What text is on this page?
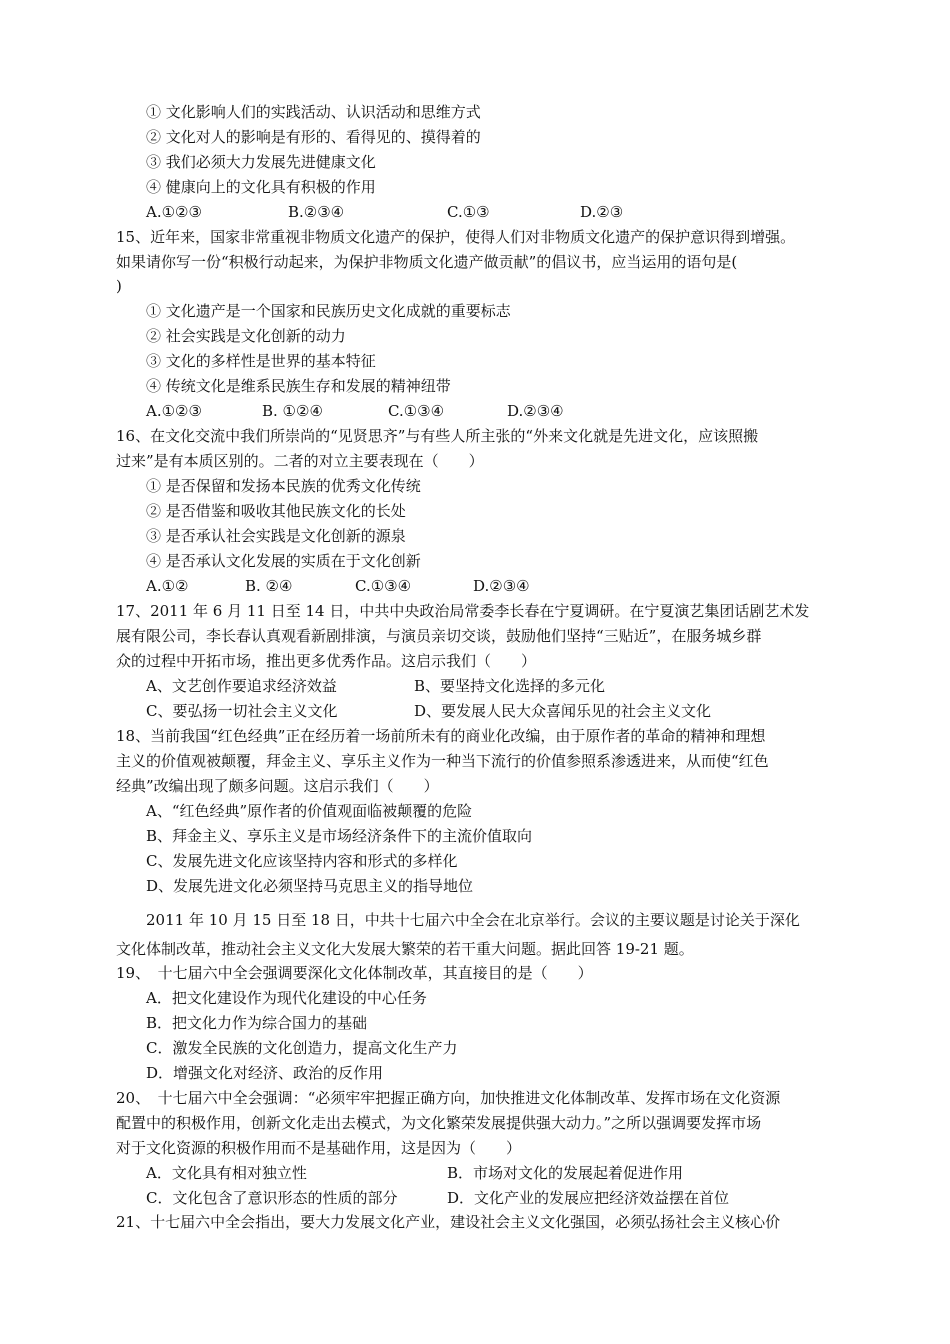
① 文化影响人们的实践活动、认识活动和思维方式
② 文化对人的影响是有形的、看得见的、摸得着的
③ 我们必须大力发展先进健康文化
④ 健康向上的文化具有积极的作用
A.①②③	B.②③④	C.①③	D.②③
15、近年来，国家非常重视非物质文化遗产的保护，使得人们对非物质文化遗产的保护意识得到增强。
如果请你写一份“积极行动起来，为保护非物质文化遗产做贡献”的倡议书，应当运用的语句是(
)
① 文化遗产是一个国家和民族历史文化成就的重要标志
② 社会实践是文化创新的动力
③ 文化的多样性是世界的基本特征
④ 传统文化是维系民族生存和发展的精神纽带
A.①②③	B. ①②④	C.①③④	D.②③④
16、在文化交流中我们所崇尚的“见贤思齐”与有些人所主张的“外来文化就是先进文化，应该照搬
过来”是有本质区别的。二者的对立主要表现在（　　）
① 是否保留和发扬本民族的优秀文化传统
② 是否借鉴和吸收其他民族文化的长处
③ 是否承认社会实践是文化创新的源泉
④ 是否承认文化发展的实质在于文化创新
A.①②	B. ②④	C.①③④	D.②③④
17、2011 年 6 月 11 日至 14 日，中共中央政治局常委李长春在宁夏调研。在宁夏演艺集团话剧艺术发
展有限公司，李长春认真观看新剧排演，与演员亲切交谈，鼓励他们坚持“三贴近”，在服务城乡群
众的过程中开拓市场，推出更多优秀作品。这启示我们（　　）
A、文艺创作要追求经济效益	B、要坚持文化选择的多元化
C、要弘扬一切社会主义文化	D、要发展人民大众喜闻乐见的社会主义文化
18、当前我国“红色经典”正在经历着一场前所未有的商业化改编，由于原作者的革命的精神和理想
主义的价值观被颠覆，拜金主义、享乐主义作为一种当下流行的价值参照系渗透进来，从而使“红色
经典”改编出现了颇多问题。这启示我们（　　）
A、“红色经典”原作者的价值观面临被颠覆的危险
B、拜金主义、享乐主义是市场经济条件下的主流价值取向
C、发展先进文化应该坚持内容和形式的多样化
D、发展先进文化必须坚持马克思主义的指导地位
2011 年 10 月 15 日至 18 日，中共十七届六中全会在北京举行。会议的主要议题是讨论关于深化
文化体制改革，推动社会主义文化大发展大繁荣的若干重大问题。据此回答 19-21 题。
19、　十七届六中全会强调要深化文化体制改革，其直接目的是（　　）
A．把文化建设作为现代化建设的中心任务
B．把文化力作为综合国力的基础
C．激发全民族的文化创造力，提高文化生产力
D．增强文化对经济、政治的反作用
20、　十七届六中全会强调：“必须牢牢把握正确方向，加快推进文化体制改革、发挥市场在文化资源
配置中的积极作用，创新文化走出去模式，为文化繁荣发展提供强大动力。”之所以强调要发挥市场
对于文化资源的积极作用而不是基础作用，这是因为（　　）
A．文化具有相对独立性	B．市场对文化的发展起着促进作用
C．文化包含了意识形态的性质的部分	D．文化产业的发展应把经济效益摆在首位
21、十七届六中全会指出，要大力发展文化产业，建设社会主义文化强国，必须弘扬社会主义核心价
